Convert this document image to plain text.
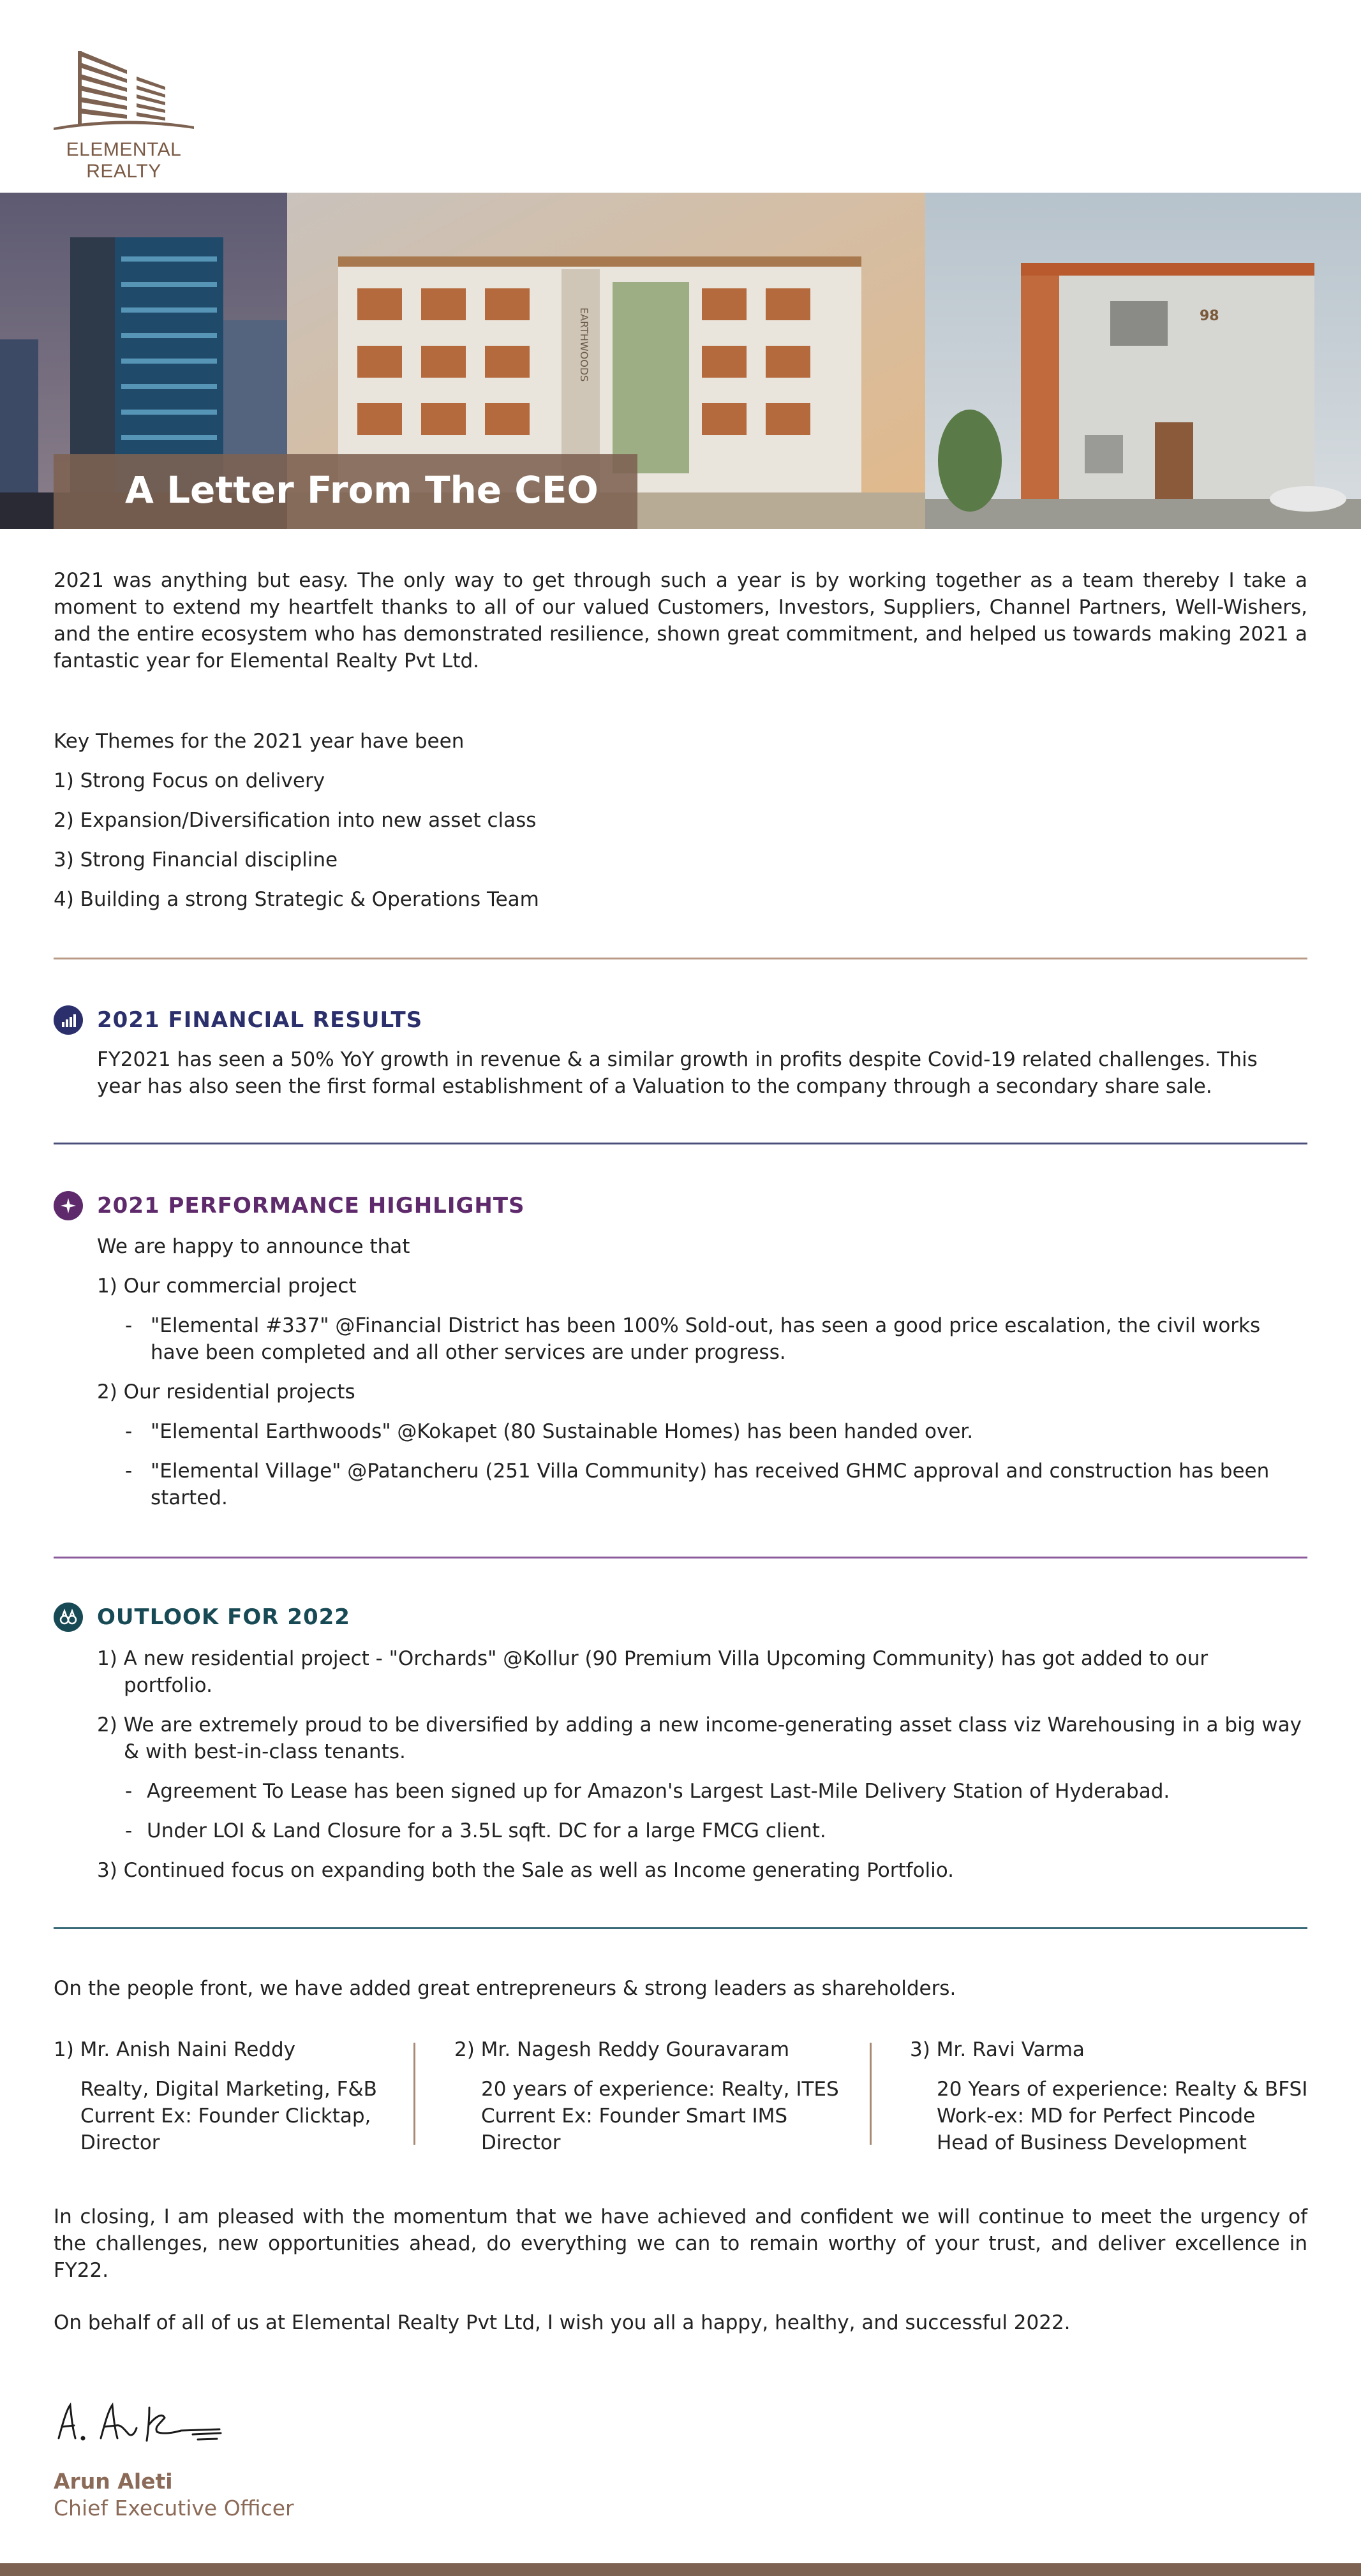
ELEMENTAL REALTY
EARTHWOODS	98
A Letter From The CEO

2021 was anything but easy. The only way to get through such a year is by working together as a team thereby I take a moment to extend my heartfelt thanks to all of our valued Customers, Investors, Suppliers, Channel Partners, Well-Wishers, and the entire ecosystem who has demonstrated resilience, shown great commitment, and helped us towards making 2021 a fantastic year for Elemental Realty Pvt Ltd.

Key Themes for the 2021 year have been
1) Strong Focus on delivery
2) Expansion/Diversification into new asset class
3) Strong Financial discipline
4) Building a strong Strategic & Operations Team
2021 FINANCIAL RESULTS
FY2021 has seen a 50% YoY growth in revenue & a similar growth in profits despite Covid-19 related challenges. This year has also seen the first formal establishment of a Valuation to the company through a secondary share sale.
2021 PERFORMANCE HIGHLIGHTS
We are happy to announce that
1) Our commercial project
- "Elemental #337" @Financial District has been 100% Sold-out, has seen a good price escalation, the civil works have been completed and all other services are under progress.
2) Our residential projects
- "Elemental Earthwoods" @Kokapet (80 Sustainable Homes) has been handed over.
- "Elemental Village" @Patancheru (251 Villa Community) has received GHMC approval and construction has been started.
OUTLOOK FOR 2022
1) A new residential project - "Orchards" @Kollur (90 Premium Villa Upcoming Community) has got added to our portfolio.
2) We are extremely proud to be diversified by adding a new income-generating asset class viz Warehousing in a big way & with best-in-class tenants.
- Agreement To Lease has been signed up for Amazon's Largest Last-Mile Delivery Station of Hyderabad.
- Under LOI & Land Closure for a 3.5L sqft. DC for a large FMCG client.
3) Continued focus on expanding both the Sale as well as Income generating Portfolio.
On the people front, we have added great entrepreneurs & strong leaders as shareholders.
1) Mr. Anish Naini Reddy
Realty, Digital Marketing, F&B
Current Ex: Founder Clicktap,
Director
2) Mr. Nagesh Reddy Gouravaram
20 years of experience: Realty, ITES
Current Ex: Founder Smart IMS
Director
3) Mr. Ravi Varma
20 Years of experience: Realty & BFSI
Work-ex: MD for Perfect Pincode
Head of Business Development

In closing, I am pleased with the momentum that we have achieved and confident we will continue to meet the urgency of the challenges, new opportunities ahead, do everything we can to remain worthy of your trust, and deliver excellence in FY22.

On behalf of all of us at Elemental Realty Pvt Ltd, I wish you all a happy, healthy, and successful 2022.
Arun Aleti
Chief Executive Officer
